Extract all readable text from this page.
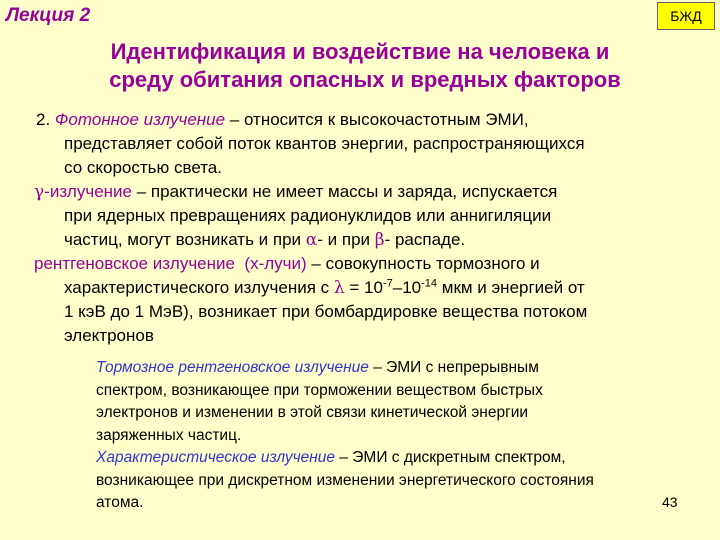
Лекция 2	БЖД
Идентификация и воздействие на человека и
среду обитания опасных и вредных факторов
2. Фотонное излучение – относится к высокочастотным ЭМИ,
представляет собой поток квантов энергии, распространяющихся
со скоростью света.
γ-излучение – практически не имеет массы и заряда, испускается
при ядерных превращениях радионуклидов или аннигиляции
частиц, могут возникать и при α- и при β- распаде.
рентгеновское излучение  (х-лучи) – совокупность тормозного и
характеристического излучения с $\lambda = 10^{-7}-10^{-14}$ мкм и энергией от
1 кэВ до 1 МэВ), возникает при бомбардировке вещества потоком
электронов
Тормозное рентгеновское излучение – ЭМИ с непрерывным
спектром, возникающее при торможении веществом быстрых
электронов и изменении в этой связи кинетической энергии
заряженных частиц.
Характеристическое излучение – ЭМИ с дискретным спектром,
возникающее при дискретном изменении энергетического состояния
атома.	43
